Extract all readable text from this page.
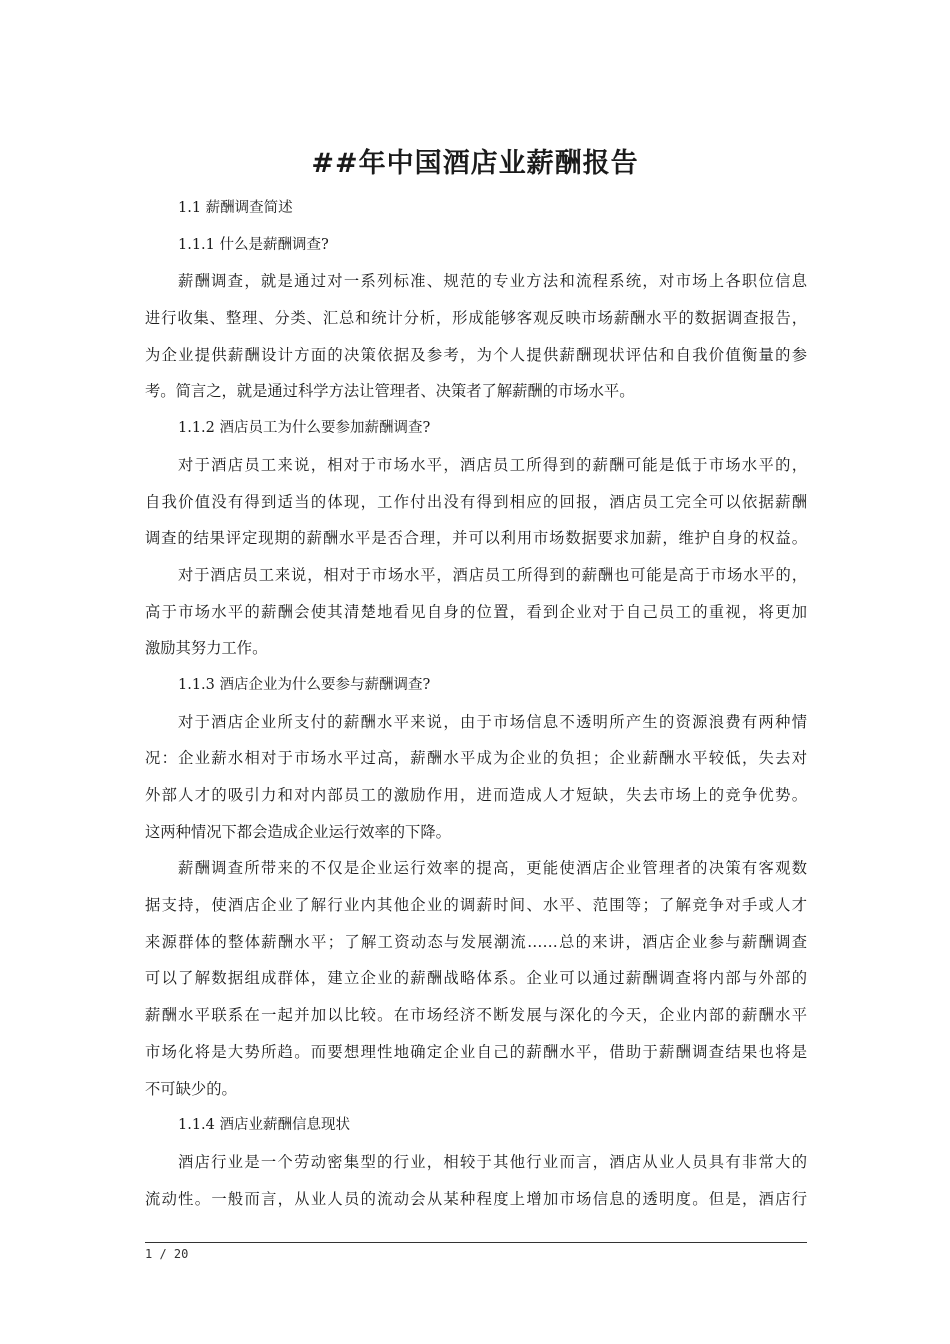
##年中国酒店业薪酬报告
1.1 薪酬调查简述
1.1.1 什么是薪酬调查?
薪酬调查，就是通过对一系列标准、规范的专业方法和流程系统，对市场上各职位信息
进行收集、整理、分类、汇总和统计分析，形成能够客观反映市场薪酬水平的数据调查报告，
为企业提供薪酬设计方面的决策依据及参考，为个人提供薪酬现状评估和自我价值衡量的参
考。简言之，就是通过科学方法让管理者、决策者了解薪酬的市场水平。
1.1.2 酒店员工为什么要参加薪酬调查?
对于酒店员工来说，相对于市场水平，酒店员工所得到的薪酬可能是低于市场水平的，
自我价值没有得到适当的体现，工作付出没有得到相应的回报，酒店员工完全可以依据薪酬
调查的结果评定现期的薪酬水平是否合理，并可以利用市场数据要求加薪，维护自身的权益。
对于酒店员工来说，相对于市场水平，酒店员工所得到的薪酬也可能是高于市场水平的，
高于市场水平的薪酬会使其清楚地看见自身的位置，看到企业对于自己员工的重视，将更加
激励其努力工作。
1.1.3 酒店企业为什么要参与薪酬调查?
对于酒店企业所支付的薪酬水平来说，由于市场信息不透明所产生的资源浪费有两种情
况：企业薪水相对于市场水平过高，薪酬水平成为企业的负担；企业薪酬水平较低，失去对
外部人才的吸引力和对内部员工的激励作用，进而造成人才短缺，失去市场上的竞争优势。
这两种情况下都会造成企业运行效率的下降。
薪酬调查所带来的不仅是企业运行效率的提高，更能使酒店企业管理者的决策有客观数
据支持，使酒店企业了解行业内其他企业的调薪时间、水平、范围等；了解竞争对手或人才
来源群体的整体薪酬水平；了解工资动态与发展潮流……总的来讲，酒店企业参与薪酬调查
可以了解数据组成群体，建立企业的薪酬战略体系。企业可以通过薪酬调查将内部与外部的
薪酬水平联系在一起并加以比较。在市场经济不断发展与深化的今天，企业内部的薪酬水平
市场化将是大势所趋。而要想理性地确定企业自己的薪酬水平，借助于薪酬调查结果也将是
不可缺少的。
1.1.4 酒店业薪酬信息现状
酒店行业是一个劳动密集型的行业，相较于其他行业而言，酒店从业人员具有非常大的
流动性。一般而言，从业人员的流动会从某种程度上增加市场信息的透明度。但是，酒店行
1 / 20
